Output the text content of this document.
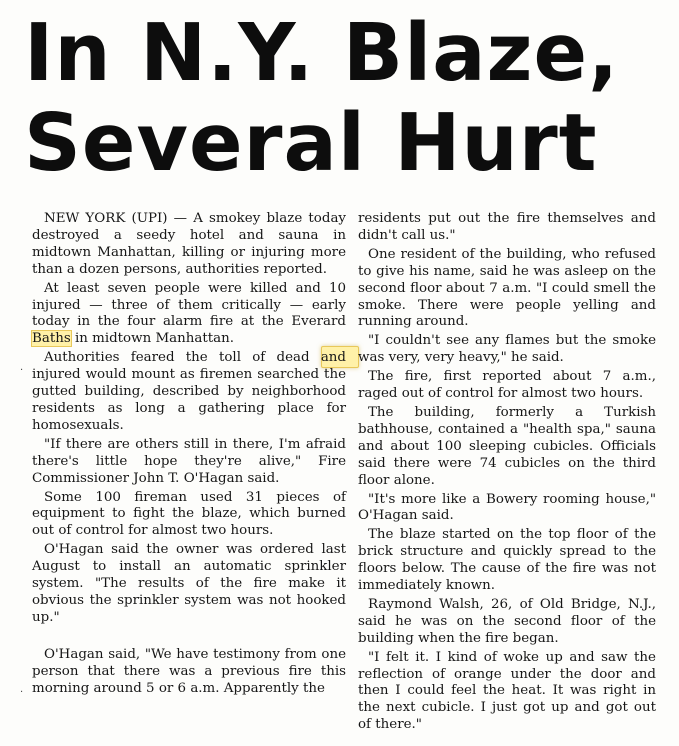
In N.Y. Blaze,
Several Hurt

NEW YORK (UPI) — A smokey blaze today destroyed a seedy hotel and sauna in midtown Manhattan, killing or injuring more than a dozen persons, authorities reported.

At least seven people were killed and 10 injured — three of them critically — early today in the four alarm fire at the Everard Baths in midtown Manhattan.

Authorities feared the toll of dead and injured would mount as firemen searched the gutted building, described by neighborhood residents as long a gathering place for homosexuals.

"If there are others still in there, I'm afraid there's little hope they're alive," Fire Commissioner John T. O'Hagan said.

Some 100 fireman used 31 pieces of equipment to fight the blaze, which burned out of control for almost two hours.

O'Hagan said the owner was ordered last August to install an automatic sprinkler system. "The results of the fire make it obvious the sprinkler system was not hooked up."

O'Hagan said, "We have testimony from one person that there was a previous fire this morning around 5 or 6 a.m. Apparently the

residents put out the fire themselves and didn't call us."

One resident of the building, who refused to give his name, said he was asleep on the second floor about 7 a.m. "I could smell the smoke. There were people yelling and running around.

"I couldn't see any flames but the smoke was very, very heavy," he said.

The fire, first reported about 7 a.m., raged out of control for almost two hours.

The building, formerly a Turkish bathhouse, contained a "health spa," sauna and about 100 sleeping cubicles. Officials said there were 74 cubicles on the third floor alone.

"It's more like a Bowery rooming house," O'Hagan said.

The blaze started on the top floor of the brick structure and quickly spread to the floors below. The cause of the fire was not immediately known.

Raymond Walsh, 26, of Old Bridge, N.J., said he was on the second floor of the building when the fire began.

"I felt it. I kind of woke up and saw the reflection of orange under the door and then I could feel the heat. It was right in the next cubicle. I just got up and got out of there."

·
·
